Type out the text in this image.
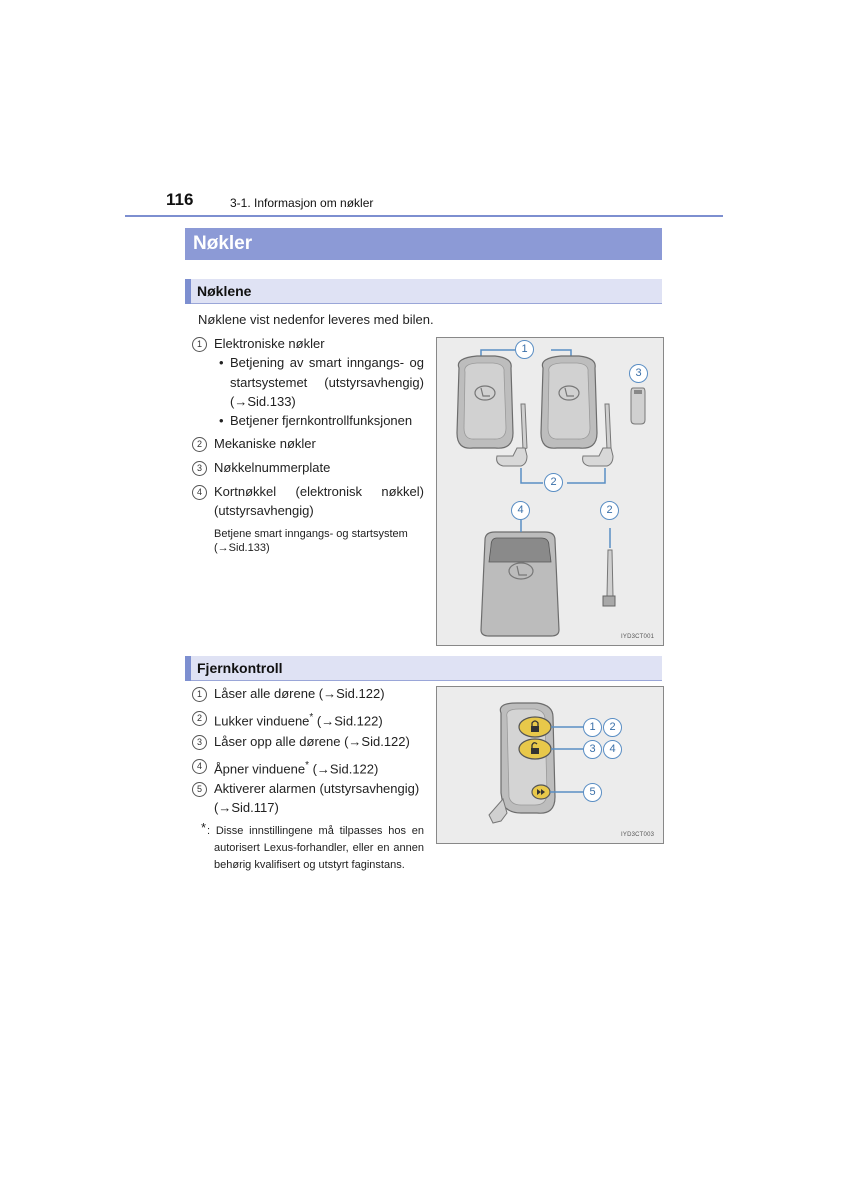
116	3-1. Informasjon om nøkler
Nøkler
Nøklene
Nøklene vist nedenfor leveres med bilen.
1 Elektroniske nøkler
• Betjening av smart inngangs- og
startsystemet (utstyrsavhengig)
(→Sid.133)
• Betjener fjernkontrollfunksjonen
2 Mekaniske nøkler
3 Nøkkelnummerplate
4 Kortnøkkel (elektronisk nøkkel)
(utstyrsavhengig)
Betjene smart inngangs- og startsystem
(→Sid.133)
1
2
3
4	2
IYD3CT001
Fjernkontroll
1 Låser alle dørene (→Sid.122)
2 Lukker vinduene* (→Sid.122)
3 Låser opp alle dørene (→Sid.122)
4 Åpner vinduene* (→Sid.122)
5 Aktiverer alarmen (utstyrsavhengig)
(→Sid.117)
* : Disse innstillingene må tilpasses hos en
autorisert Lexus-forhandler, eller en annen
behørig kvalifisert og utstyrt faginstans.
1	2
3	4
5
IYD3CT003
